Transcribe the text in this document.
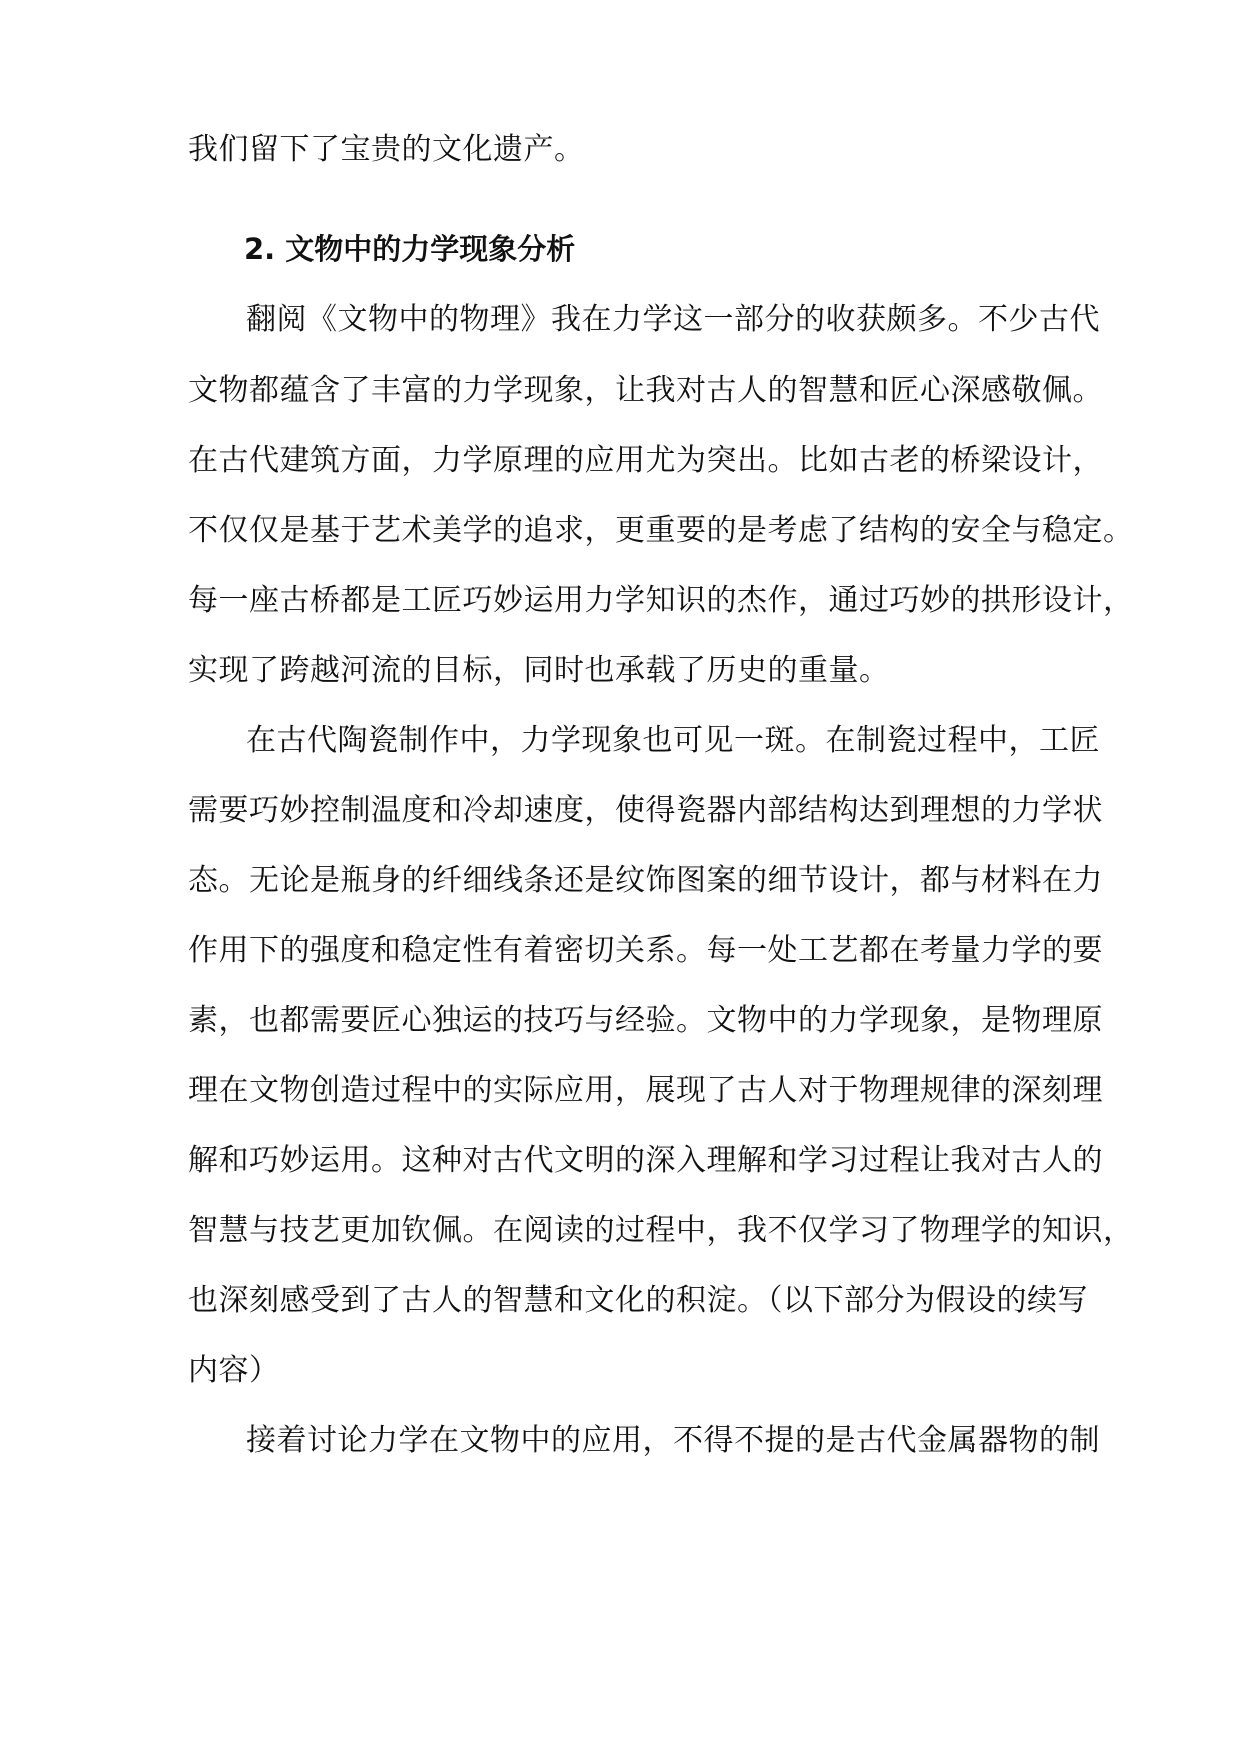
我们留下了宝贵的文化遗产。
2. 文物中的力学现象分析
翻阅《文物中的物理》我在力学这一部分的收获颇多。不少古代
文物都蕴含了丰富的力学现象，让我对古人的智慧和匠心深感敬佩。
在古代建筑方面，力学原理的应用尤为突出。比如古老的桥梁设计，
不仅仅是基于艺术美学的追求，更重要的是考虑了结构的安全与稳定。
每一座古桥都是工匠巧妙运用力学知识的杰作，通过巧妙的拱形设计，
实现了跨越河流的目标，同时也承载了历史的重量。
在古代陶瓷制作中，力学现象也可见一斑。在制瓷过程中，工匠
需要巧妙控制温度和冷却速度，使得瓷器内部结构达到理想的力学状
态。无论是瓶身的纤细线条还是纹饰图案的细节设计，都与材料在力
作用下的强度和稳定性有着密切关系。每一处工艺都在考量力学的要
素，也都需要匠心独运的技巧与经验。文物中的力学现象，是物理原
理在文物创造过程中的实际应用，展现了古人对于物理规律的深刻理
解和巧妙运用。这种对古代文明的深入理解和学习过程让我对古人的
智慧与技艺更加钦佩。在阅读的过程中，我不仅学习了物理学的知识，
也深刻感受到了古人的智慧和文化的积淀。（以下部分为假设的续写
内容）
接着讨论力学在文物中的应用，不得不提的是古代金属器物的制
